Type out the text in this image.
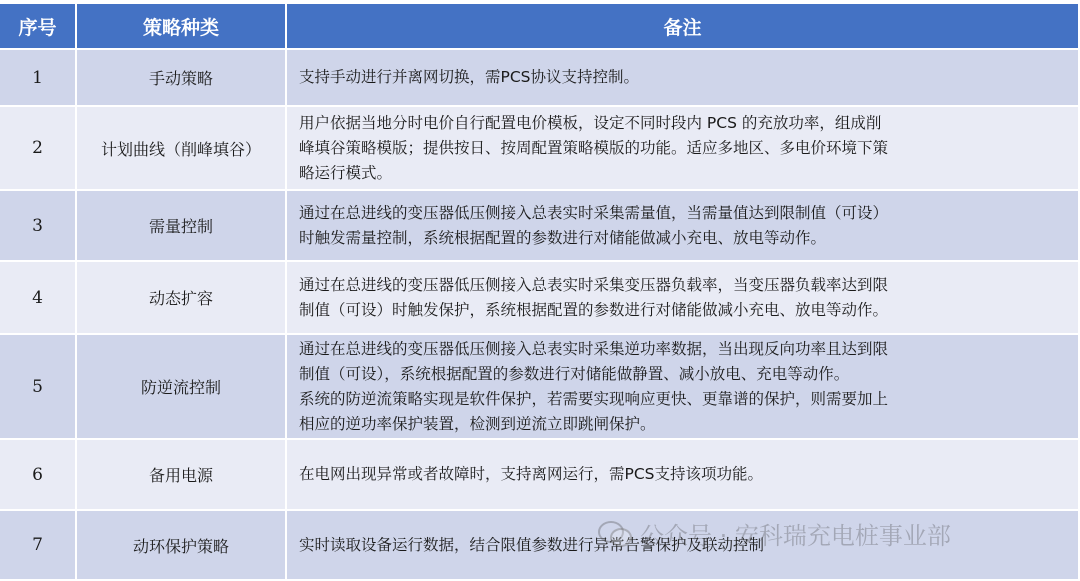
序号	策略种类	备注
1	手动策略	支持手动进行并离网切换，需PCS协议支持控制。

2	计划曲线（削峰填谷）	用户依据当地分时电价自行配置电价模板，设定不同时段内 PCS 的充放功率，组成削
峰填谷策略模版；提供按日、按周配置策略模版的功能。适应多地区、多电价环境下策
略运行模式。

3	需量控制	通过在总进线的变压器低压侧接入总表实时采集需量值，当需量值达到限制值（可设）
时触发需量控制，系统根据配置的参数进行对储能做减小充电、放电等动作。

4	动态扩容	通过在总进线的变压器低压侧接入总表实时采集变压器负载率，当变压器负载率达到限
制值（可设）时触发保护，系统根据配置的参数进行对储能做减小充电、放电等动作。

5	防逆流控制	通过在总进线的变压器低压侧接入总表实时采集逆功率数据，当出现反向功率且达到限
制值（可设），系统根据配置的参数进行对储能做静置、减小放电、充电等动作。
系统的防逆流策略实现是软件保护，若需要实现响应更快、更靠谱的保护，则需要加上
相应的逆功率保护装置，检测到逆流立即跳闸保护。

6	备用电源	在电网出现异常或者故障时，支持离网运行，需PCS支持该项功能。

7	动环保护策略	实时读取设备运行数据，结合限值参数进行异常告警保护及联动控制
公众号 · 安科瑞充电桩事业部
